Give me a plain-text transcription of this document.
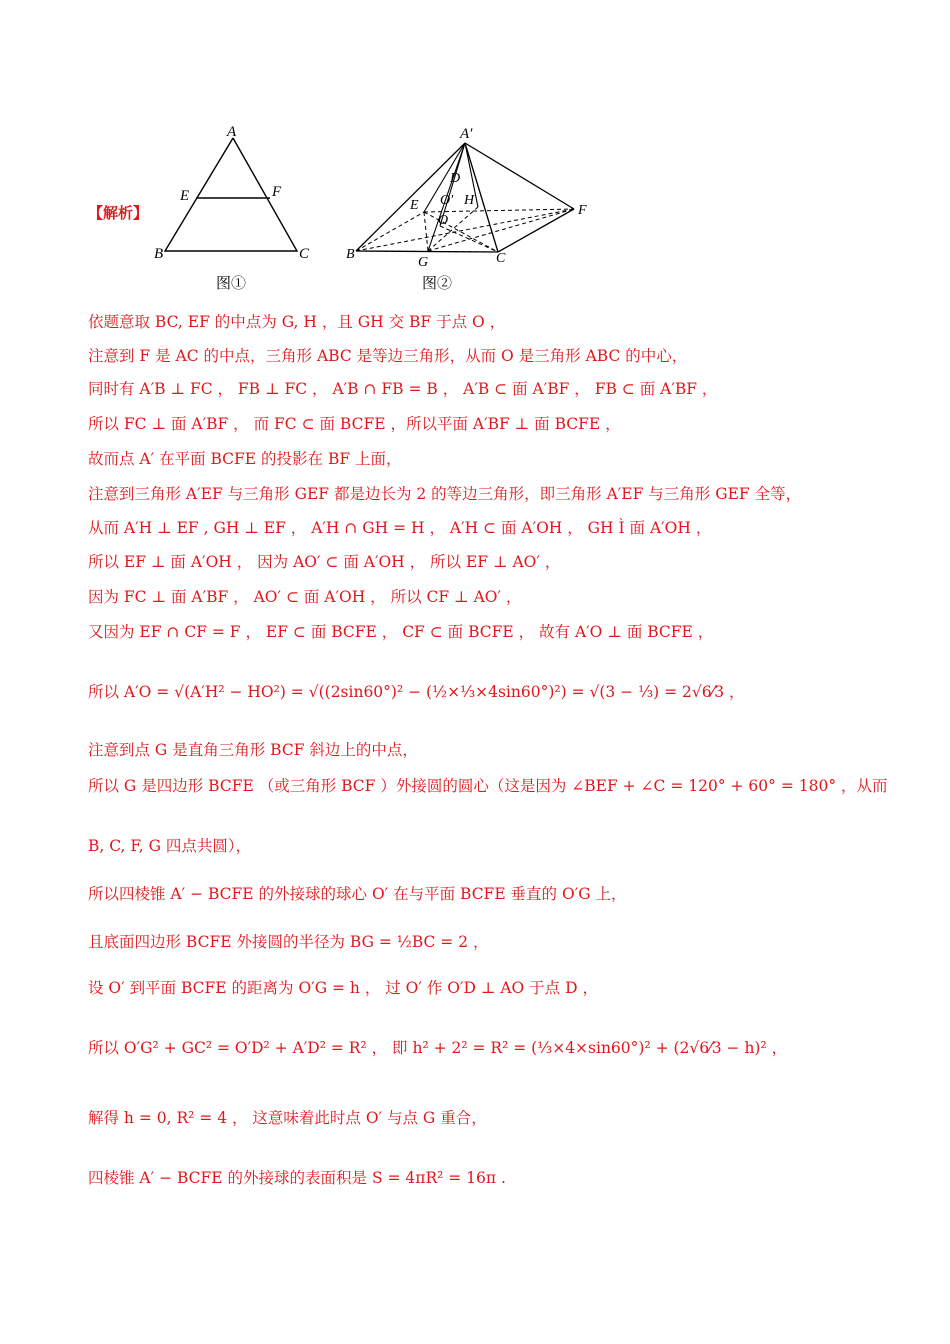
A
E	F
B	C
图①
A′
D
E O′ H
O
F
B	C
G
图②
【解析】
依题意取 BC, EF 的中点为 G, H ，且 GH 交 BF 于点 O ，
注意到 F 是 AC 的中点，三角形 ABC 是等边三角形，从而 O 是三角形 ABC 的中心，
同时有 A′B ⊥ FC ， FB ⊥ FC ， A′B ∩ FB = B ， A′B ⊂ 面 A′BF ， FB ⊂ 面 A′BF ，
所以 FC ⊥ 面 A′BF ， 而 FC ⊂ 面 BCFE ，所以平面 A′BF ⊥ 面 BCFE ，
故而点 A′ 在平面 BCFE 的投影在 BF 上面，
注意到三角形 A′EF 与三角形 GEF 都是边长为 2 的等边三角形，即三角形 A′EF 与三角形 GEF 全等，
从而 A′H ⊥ EF , GH ⊥ EF ， A′H ∩ GH = H ， A′H ⊂ 面 A′OH ， GH Ì 面 A′OH ，
所以 EF ⊥ 面 A′OH ， 因为 AO′ ⊂ 面 A′OH ， 所以 EF ⊥ AO′ ，
因为 FC ⊥ 面 A′BF ， AO′ ⊂ 面 A′OH ， 所以 CF ⊥ AO′ ，
又因为 EF ∩ CF = F ， EF ⊂ 面 BCFE ， CF ⊂ 面 BCFE ， 故有 A′O ⊥ 面 BCFE ，
所以 A′O = √(A′H² − HO²) = √((2sin60°)² − (½×⅓×4sin60°)²) = √(3 − ⅓) = 2√6⁄3 ，
注意到点 G 是直角三角形 BCF 斜边上的中点，
所以 G 是四边形 BCFE （或三角形 BCF ）外接圆的圆心（这是因为 ∠BEF + ∠C = 120° + 60° = 180° ，从而
B, C, F, G 四点共圆），
所以四棱锥 A′ − BCFE 的外接球的球心 O′ 在与平面 BCFE 垂直的 O′G 上，
且底面四边形 BCFE 外接圆的半径为 BG = ½BC = 2 ，
设 O′ 到平面 BCFE 的距离为 O′G = h ， 过 O′ 作 O′D ⊥ AO 于点 D ，
所以 O′G² + GC² = O′D² + A′D² = R² ， 即 h² + 2² = R² = (⅓×4×sin60°)² + (2√6⁄3 − h)² ，
解得 h = 0, R² = 4 ， 这意味着此时点 O′ 与点 G 重合，
四棱锥 A′ − BCFE 的外接球的表面积是 S = 4πR² = 16π .
